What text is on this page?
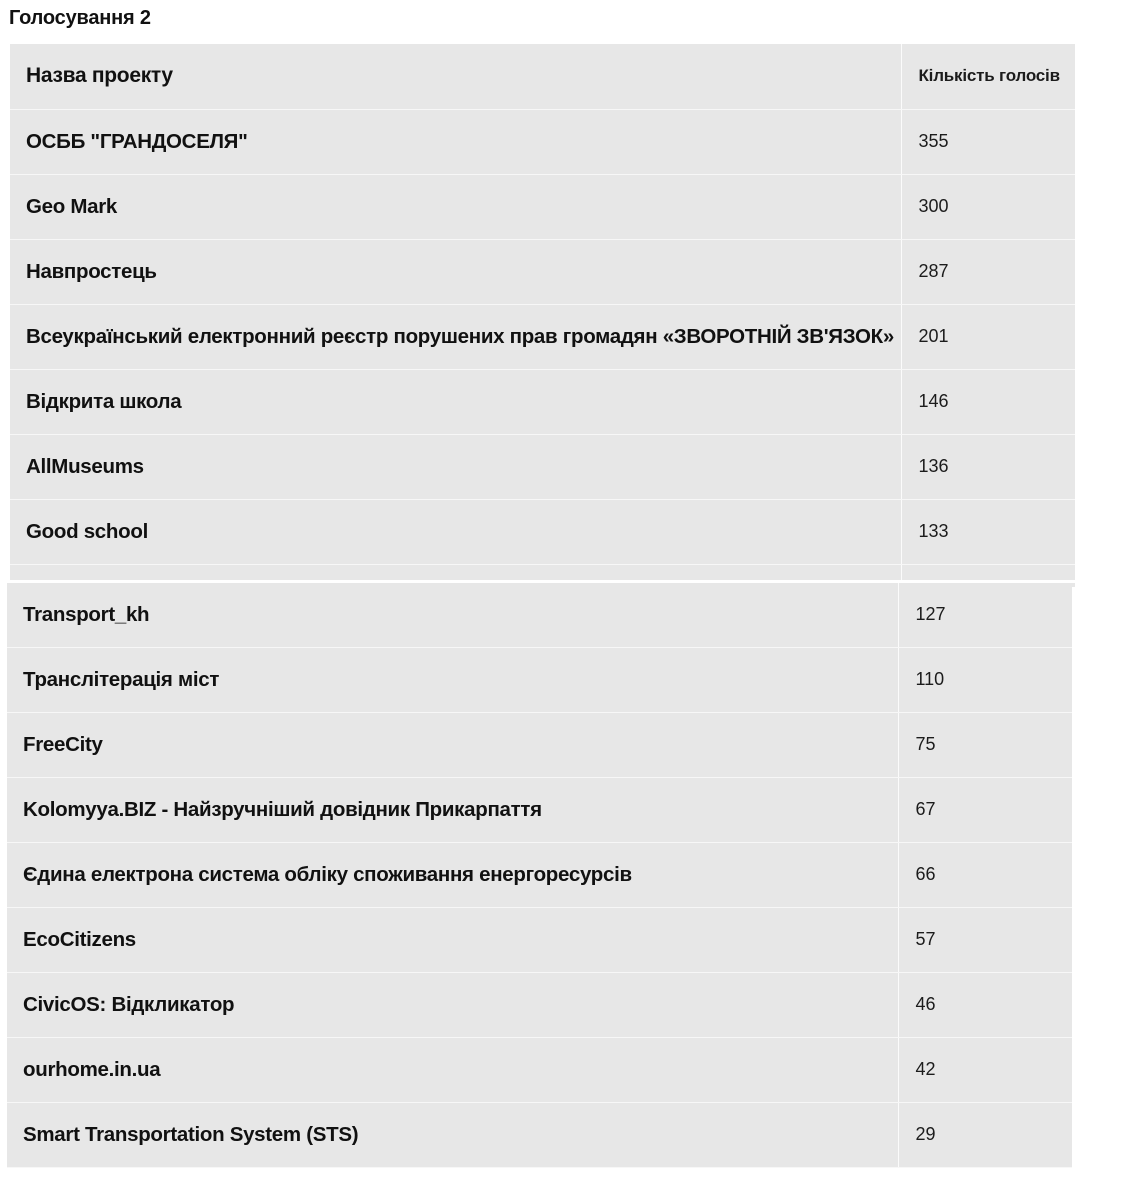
Голосування 2
Назва проекту	Кількість голосів
ОСББ "ГРАНДОСЕЛЯ"	355
Geo Mark	300
Навпростець	287
Всеукраїнський електронний реєстр порушених прав громадян «ЗВОРОТНІЙ ЗВ'ЯЗОК»	201
Відкрита школа	146
AllMuseums	136
Good school	133

Transport_kh	127
Транслітерація міст	110
FreeCity	75
Kolomyya.BIZ - Найзручніший довідник Прикарпаття	67
Єдина електрона система обліку споживання енергоресурсів	66
EcoCitizens	57
CivicOS: Відкликатор	46
ourhome.in.ua	42
Smart Transportation System (STS)	29
